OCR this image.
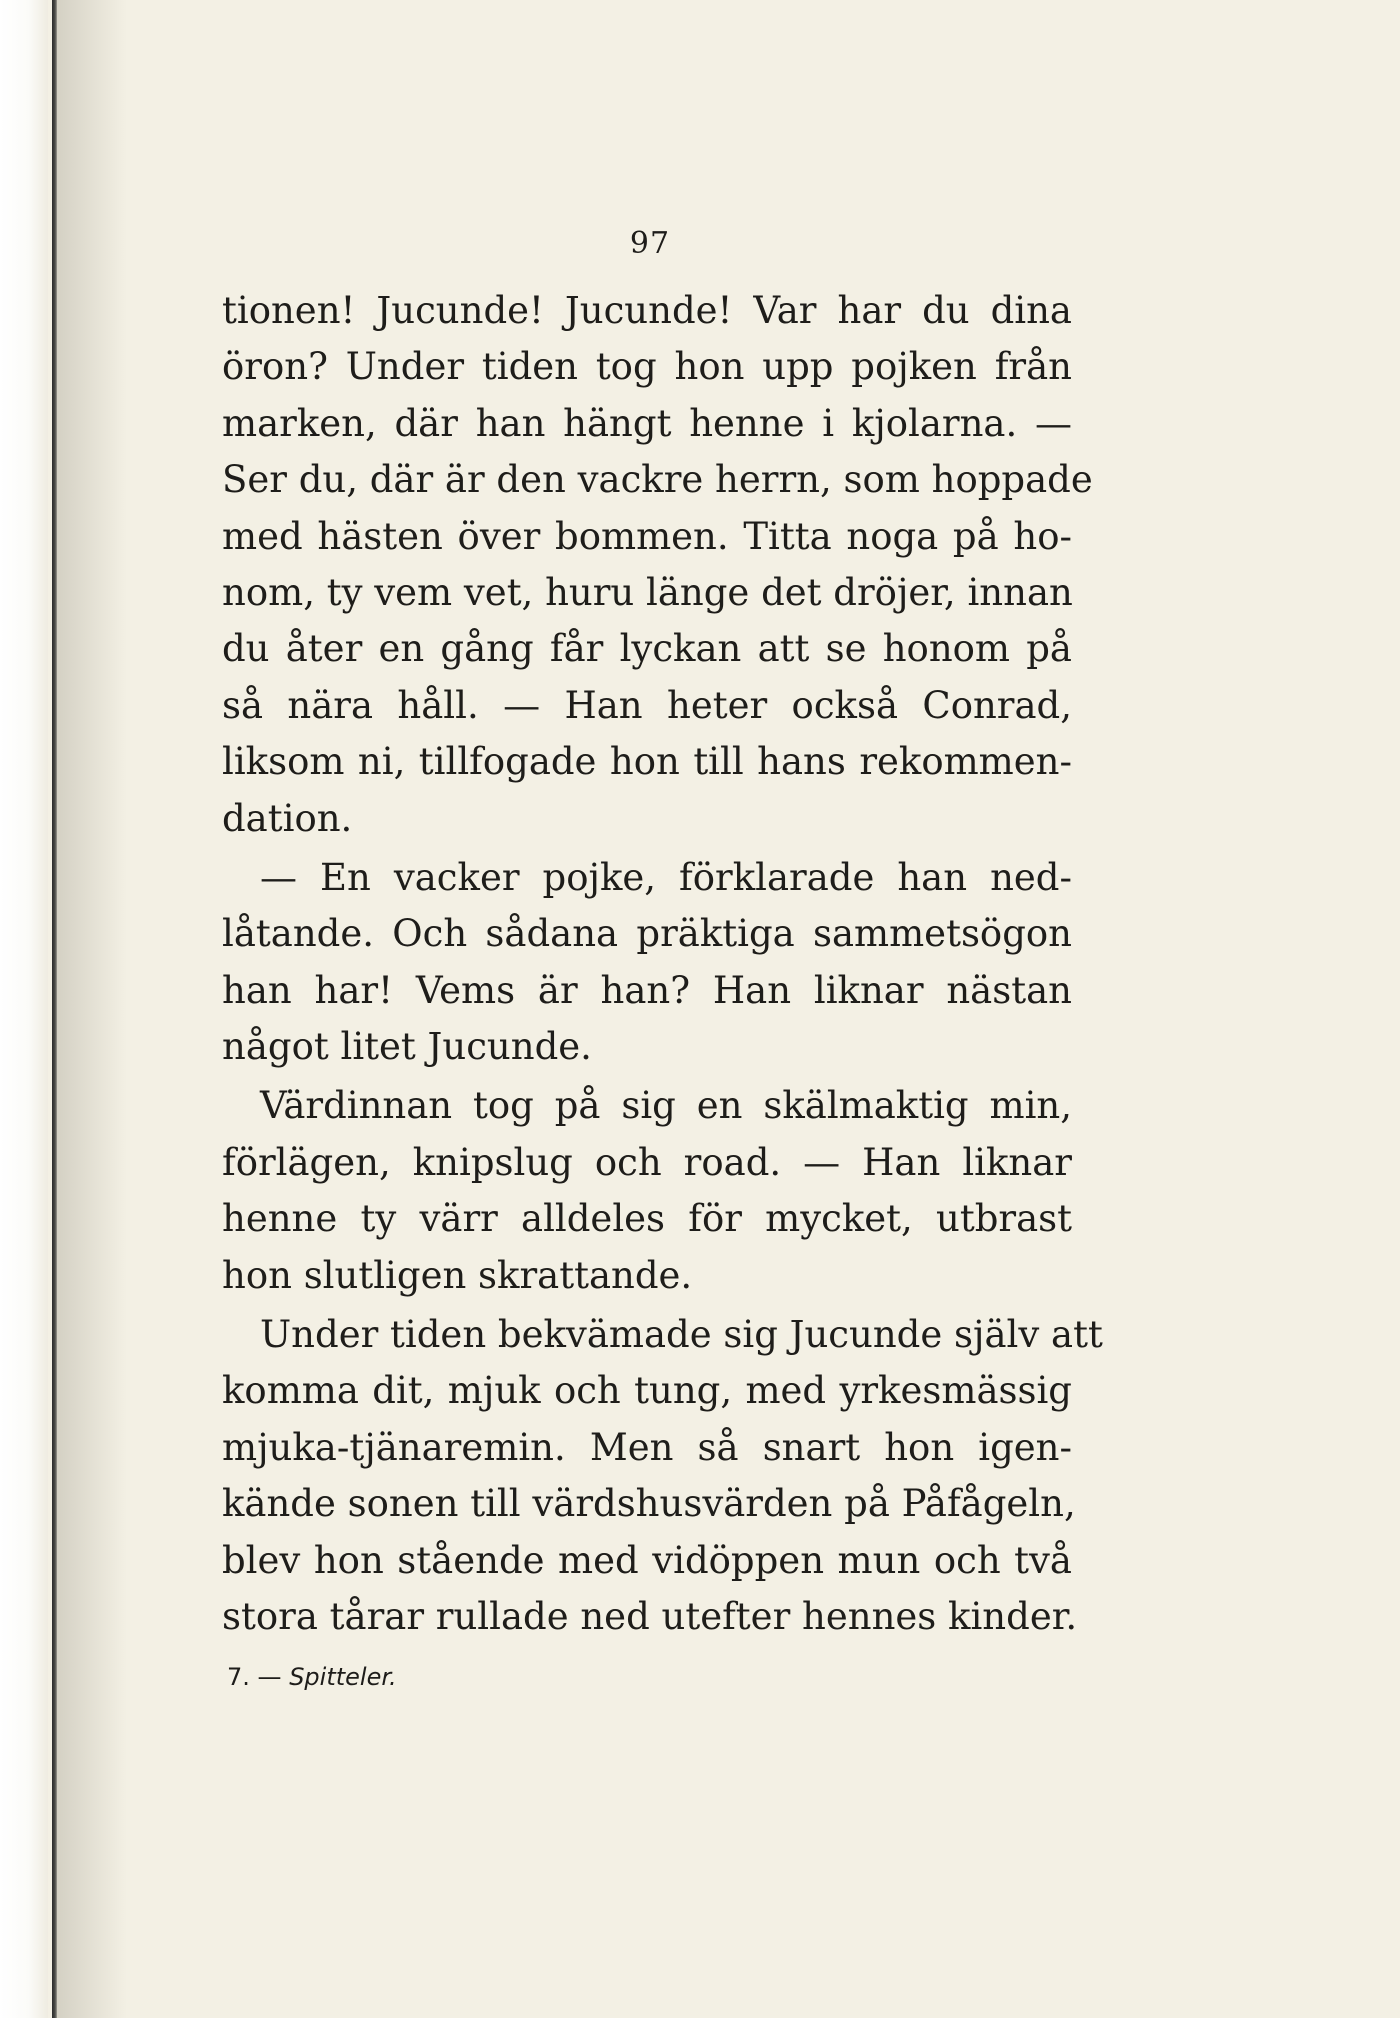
97
tionen! Jucunde! Jucunde! Var har du dina
öron? Under tiden tog hon upp pojken från
marken, där han hängt henne i kjolarna. —
Ser du, där är den vackre herrn, som hoppade
med hästen över bommen. Titta noga på ho-
nom, ty vem vet, huru länge det dröjer, innan
du åter en gång får lyckan att se honom på
så nära håll. — Han heter också Conrad,
liksom ni, tillfogade hon till hans rekommen-
dation.
— En vacker pojke, förklarade han ned-
låtande. Och sådana präktiga sammetsögon
han har! Vems är han? Han liknar nästan
något litet Jucunde.
Värdinnan tog på sig en skälmaktig min,
förlägen, knipslug och road. — Han liknar
henne ty värr alldeles för mycket, utbrast
hon slutligen skrattande.
Under tiden bekvämade sig Jucunde själv att
komma dit, mjuk och tung, med yrkesmässig
mjuka-tjänaremin. Men så snart hon igen-
kände sonen till värdshusvärden på Påfågeln,
blev hon stående med vidöppen mun och två
stora tårar rullade ned utefter hennes kinder.
7. — Spitteler.
